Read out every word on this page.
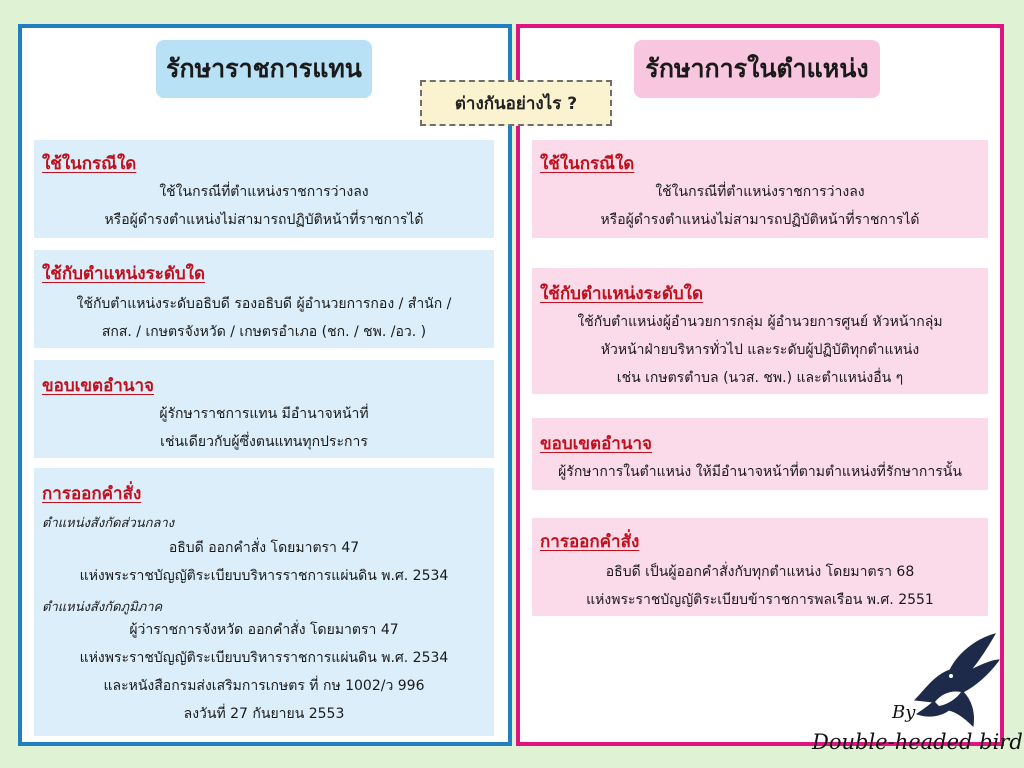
รักษาราชการแทน	รักษาการในตำแหน่ง
ต่างกันอย่างไร ?
ใช้ในกรณีใด
ใช้ในกรณีที่ตำแหน่งราชการว่างลง
หรือผู้ดำรงตำแหน่งไม่สามารถปฏิบัติหน้าที่ราชการได้
ใช้กับตำแหน่งระดับใด
ใช้กับตำแหน่งระดับอธิบดี รองอธิบดี ผู้อำนวยการกอง / สำนัก /
สกส. / เกษตรจังหวัด / เกษตรอำเภอ (ชก. / ชพ. /อว. )
ขอบเขตอำนาจ
ผู้รักษาราชการแทน มีอำนาจหน้าที่
เช่นเดียวกับผู้ซึ่งตนแทนทุกประการ
การออกคำสั่ง
ตำแหน่งสังกัดส่วนกลาง
อธิบดี ออกคำสั่ง โดยมาตรา 47
แห่งพระราชบัญญัติระเบียบบริหารราชการแผ่นดิน พ.ศ. 2534
ตำแหน่งสังกัดภูมิภาค
ผู้ว่าราชการจังหวัด ออกคำสั่ง โดยมาตรา 47
แห่งพระราชบัญญัติระเบียบบริหารราชการแผ่นดิน พ.ศ. 2534
และหนังสือกรมส่งเสริมการเกษตร ที่ กษ 1002/ว 996
ลงวันที่ 27 กันยายน 2553
ใช้ในกรณีใด
ใช้ในกรณีที่ตำแหน่งราชการว่างลง
หรือผู้ดำรงตำแหน่งไม่สามารถปฏิบัติหน้าที่ราชการได้
ใช้กับตำแหน่งระดับใด
ใช้กับตำแหน่งผู้อำนวยการกลุ่ม ผู้อำนวยการศูนย์ หัวหน้ากลุ่ม
หัวหน้าฝ่ายบริหารทั่วไป และระดับผู้ปฏิบัติทุกตำแหน่ง
เช่น เกษตรตำบล (นวส. ชพ.) และตำแหน่งอื่น ๆ
ขอบเขตอำนาจ
ผู้รักษาการในตำแหน่ง ให้มีอำนาจหน้าที่ตามตำแหน่งที่รักษาการนั้น
การออกคำสั่ง
อธิบดี เป็นผู้ออกคำสั่งกับทุกตำแหน่ง โดยมาตรา 68
แห่งพระราชบัญญัติระเบียบข้าราชการพลเรือน พ.ศ. 2551
By
Double-headed bird
